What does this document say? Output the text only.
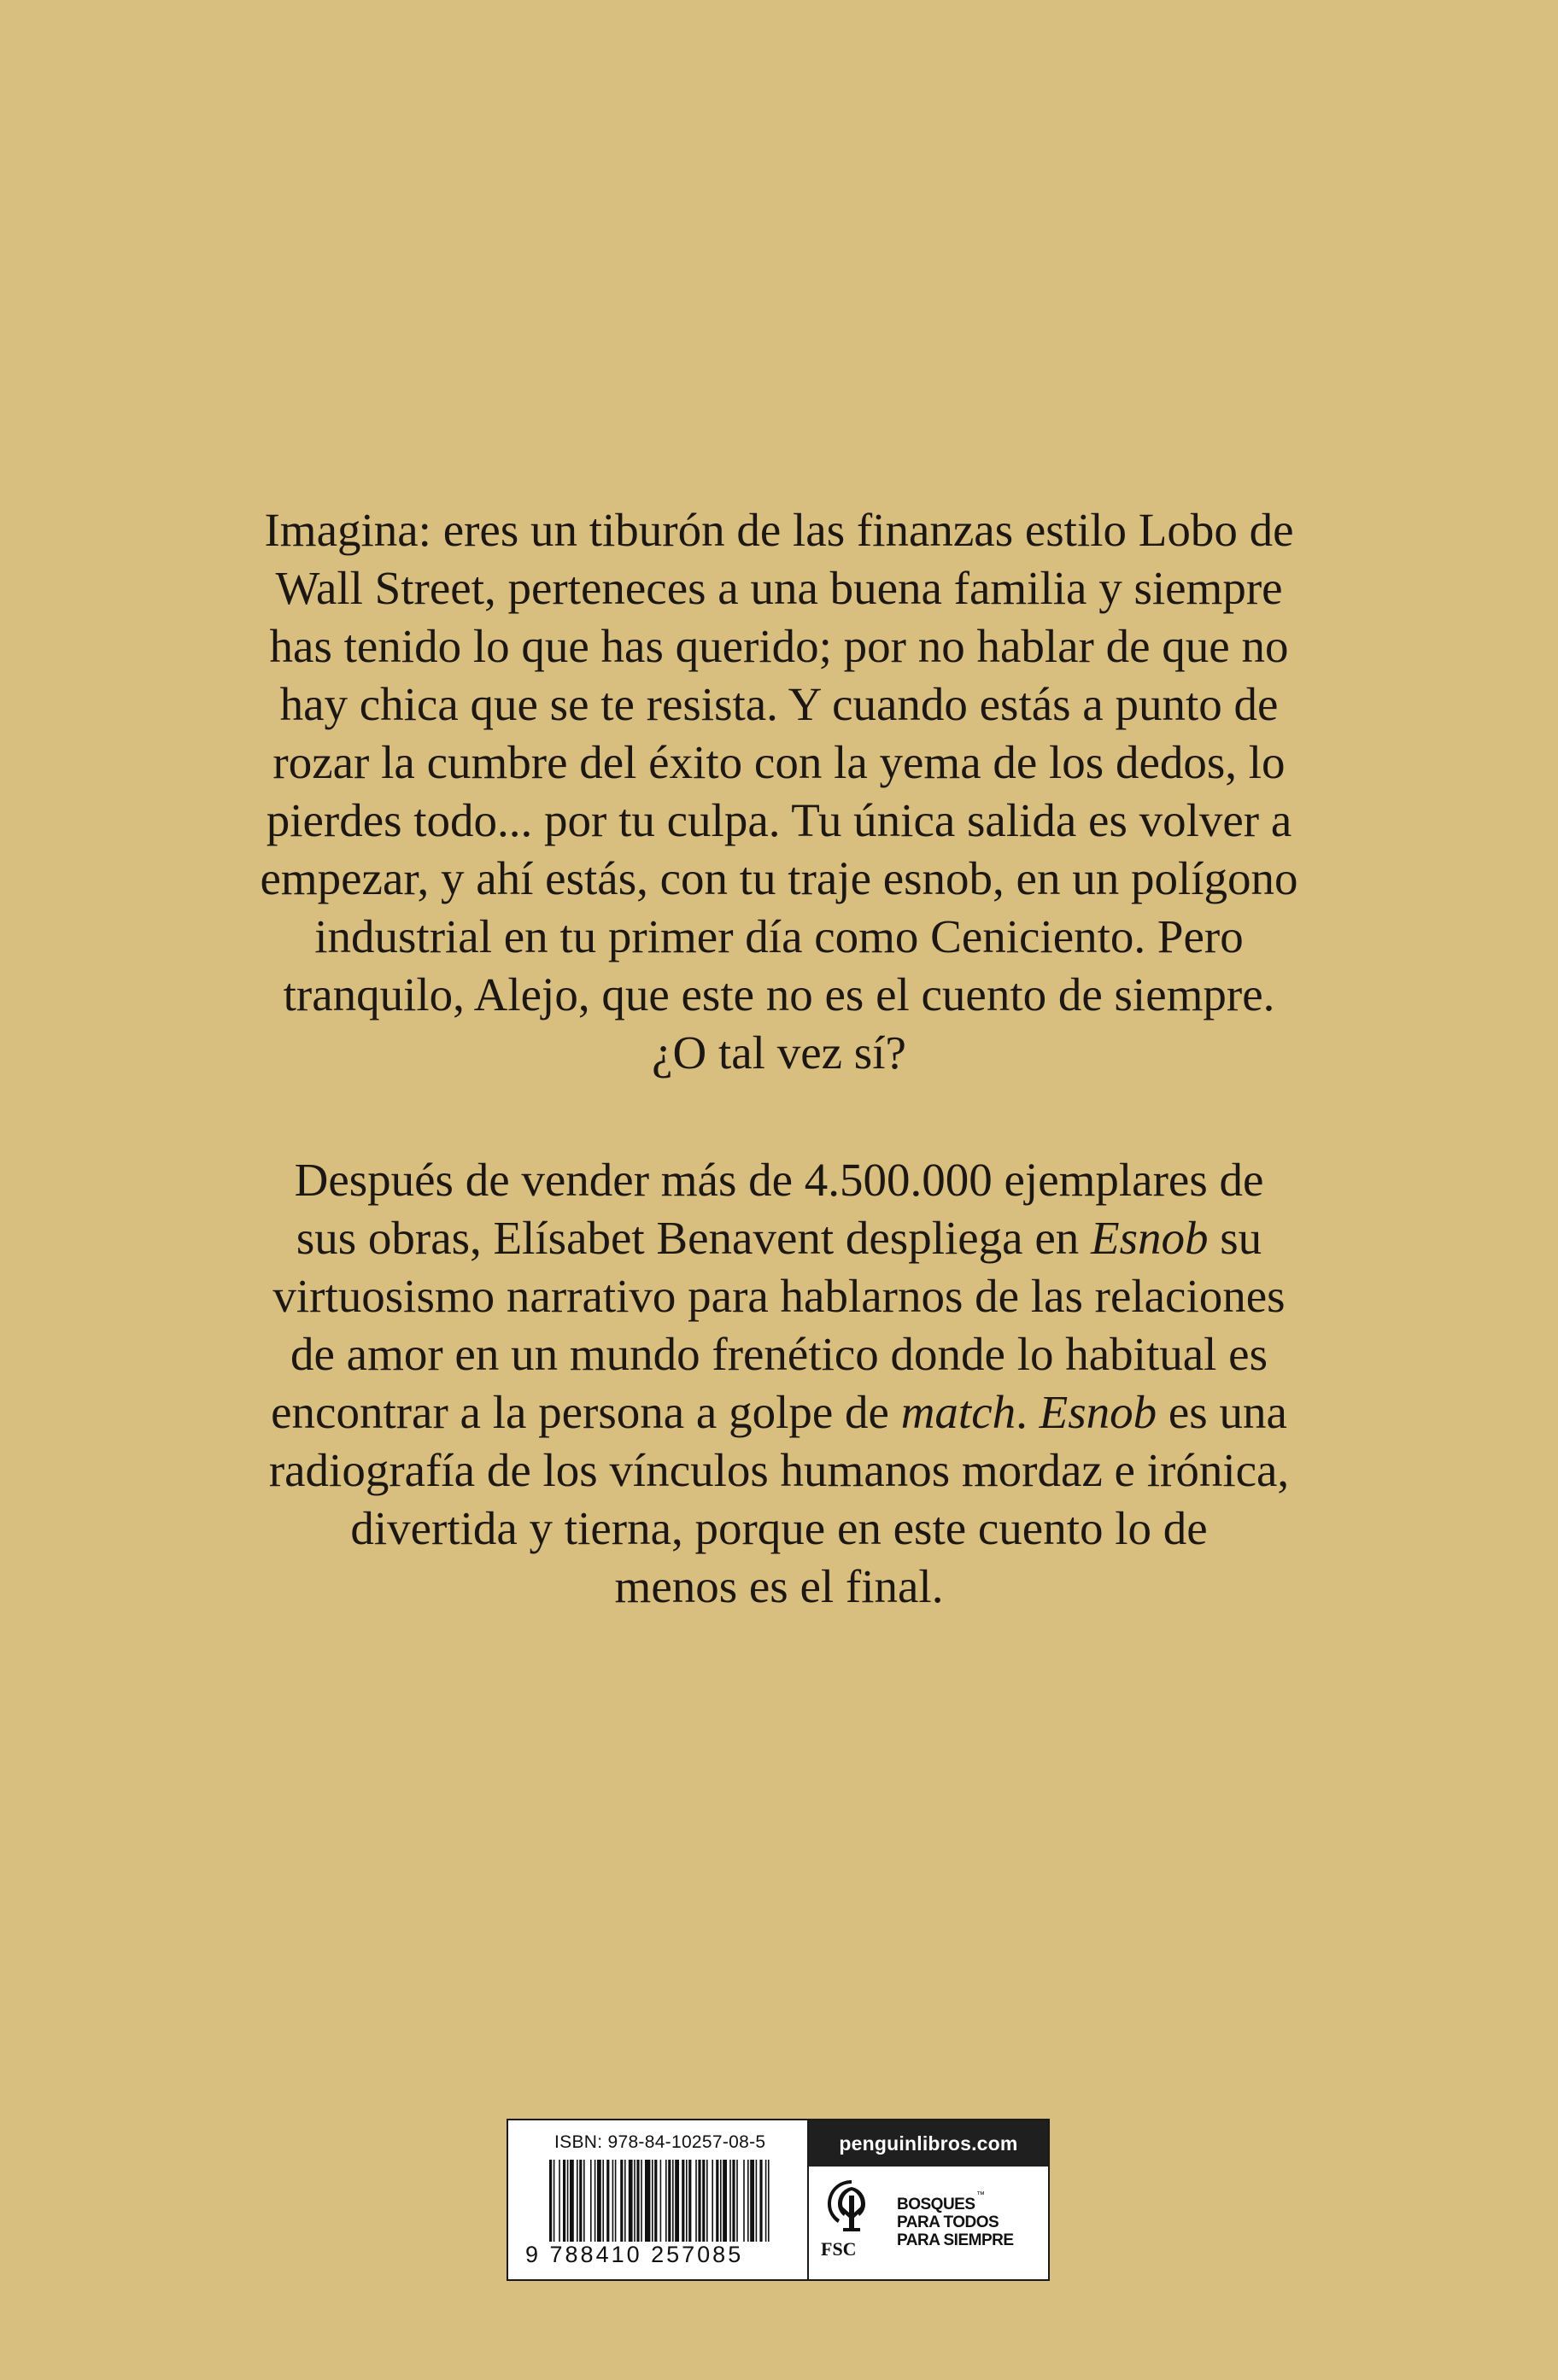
Imagina: eres un tiburón de las finanzas estilo Lobo de
Wall Street, perteneces a una buena familia y siempre
has tenido lo que has querido; por no hablar de que no
hay chica que se te resista. Y cuando estás a punto de
rozar la cumbre del éxito con la yema de los dedos, lo
pierdes todo... por tu culpa. Tu única salida es volver a
empezar, y ahí estás, con tu traje esnob, en un polígono
industrial en tu primer día como Ceniciento. Pero
tranquilo, Alejo, que este no es el cuento de siempre.
¿O tal vez sí?
Después de vender más de 4.500.000 ejemplares de
sus obras, Elísabet Benavent despliega en Esnob su
virtuosismo narrativo para hablarnos de las relaciones
de amor en un mundo frenético donde lo habitual es
encontrar a la persona a golpe de match. Esnob es una
radiografía de los vínculos humanos mordaz e irónica,
divertida y tierna, porque en este cuento lo de
menos es el final.
ISBN: 978-84-10257-08-5
9 788410 257085
penguinlibros.com
FSC
BOSQUES
PARA TODOS
PARA SIEMPRE
™
